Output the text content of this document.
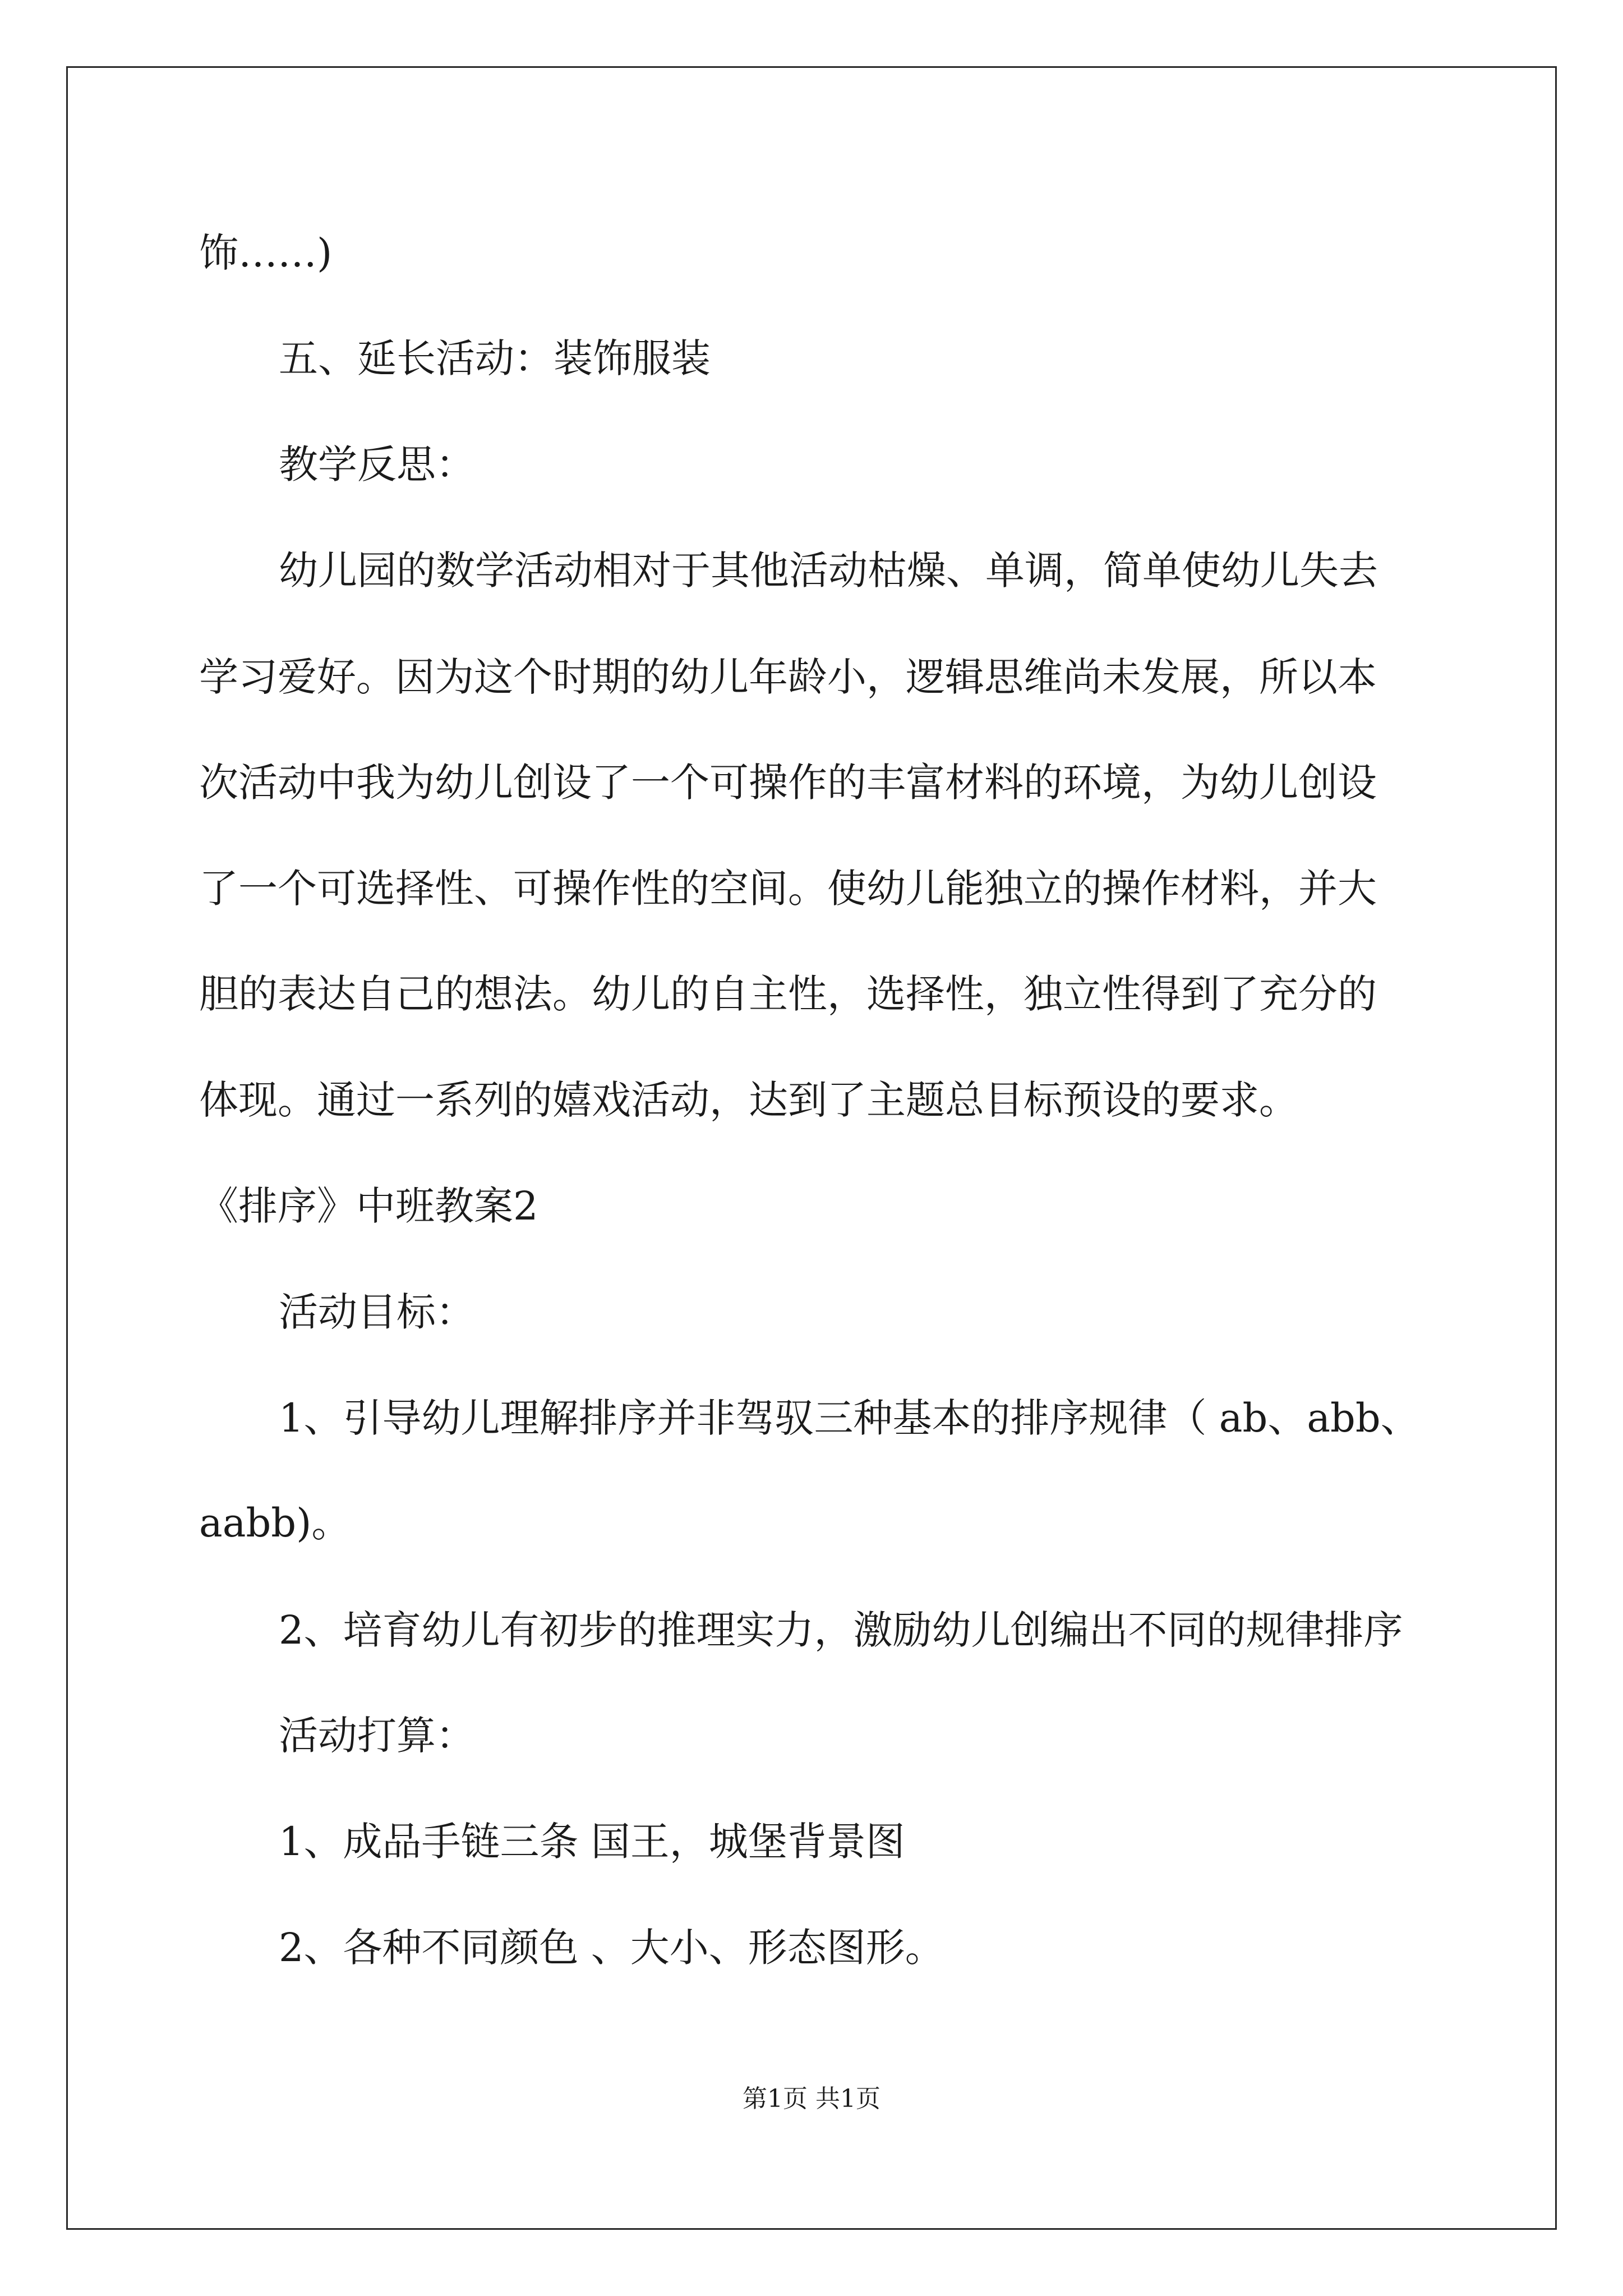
饰……)

五、延长活动：装饰服装

教学反思：

幼儿园的数学活动相对于其他活动枯燥、单调，简单使幼儿失去

学习爱好。因为这个时期的幼儿年龄小，逻辑思维尚未发展，所以本

次活动中我为幼儿创设了一个可操作的丰富材料的环境，为幼儿创设

了一个可选择性、可操作性的空间。使幼儿能独立的操作材料，并大

胆的表达自己的想法。幼儿的自主性，选择性，独立性得到了充分的

体现。通过一系列的嬉戏活动，达到了主题总目标预设的要求。

《排序》中班教案2

活动目标：

1、引导幼儿理解排序并非驾驭三种基本的排序规律（ ab、abb、

aabb)。

2、培育幼儿有初步的推理实力，激励幼儿创编出不同的规律排序

活动打算：

1、成品手链三条 国王，城堡背景图

2、各种不同颜色 、大小、形态图形。

第1页 共1页
